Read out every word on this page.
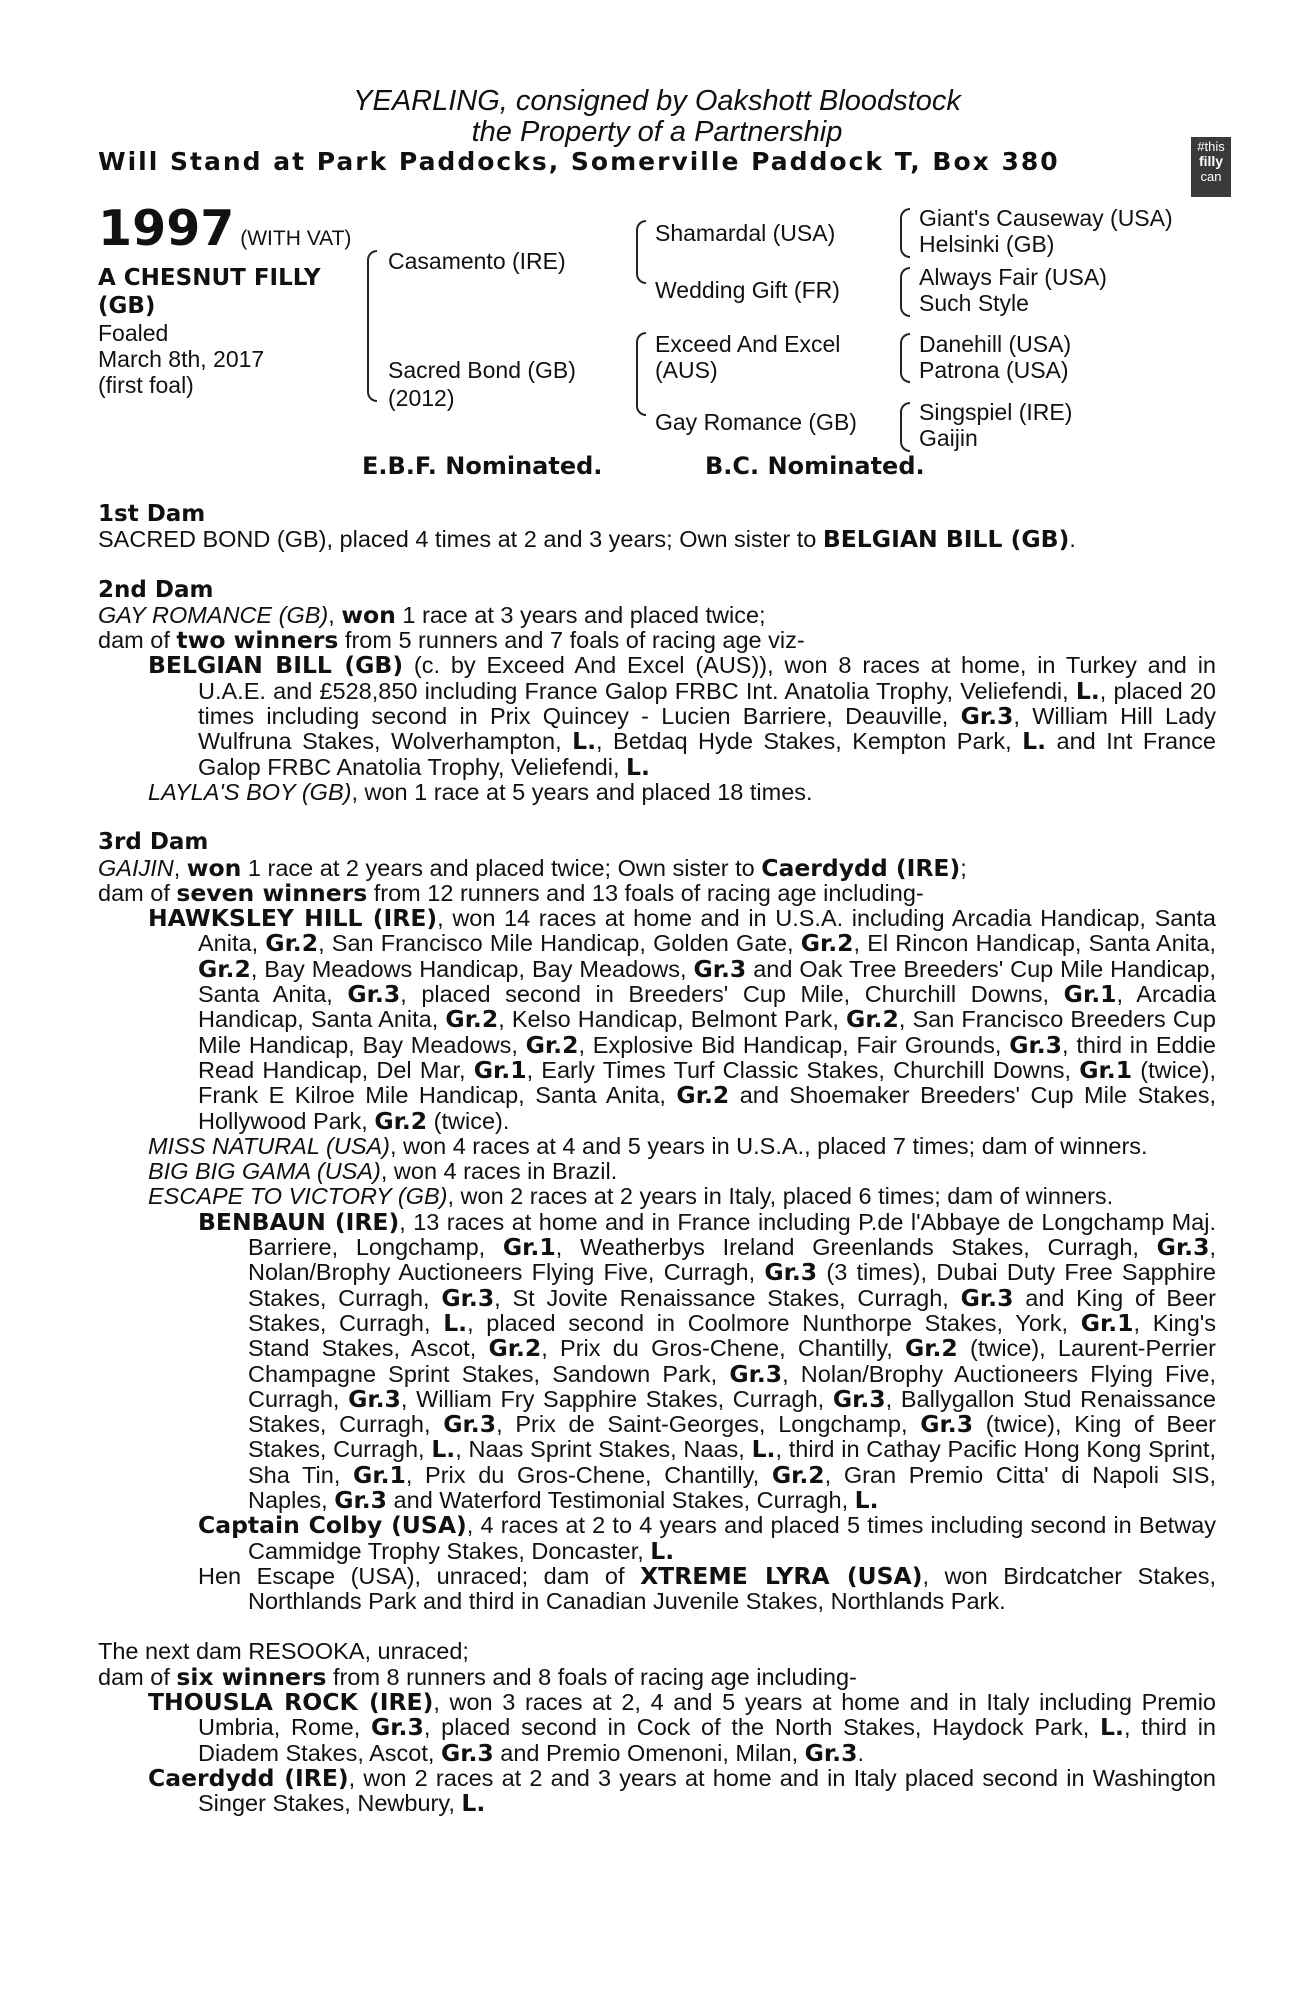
YEARLING, consigned by Oakshott Bloodstock
the Property of a Partnership
Will Stand at Park Paddocks, Somerville Paddock T, Box 380
#this
filly
can
1997 (WITH VAT)
A CHESNUT FILLY
(GB)
Foaled
March 8th, 2017
(first foal)
Casamento (IRE)
Sacred Bond (GB)
(2012)
Shamardal (USA)
Wedding Gift (FR)
Exceed And Excel
(AUS)
Gay Romance (GB)
Giant's Causeway (USA)
Helsinki (GB)
Always Fair (USA)
Such Style
Danehill (USA)
Patrona (USA)
Singspiel (IRE)
Gaijin
E.B.F. Nominated.	B.C. Nominated.

1st Dam

SACRED BOND (GB), placed 4 times at 2 and 3 years; Own sister to BELGIAN BILL (GB).

2nd Dam

GAY ROMANCE (GB), won 1 race at 3 years and placed twice;

dam of two winners from 5 runners and 7 foals of racing age viz-

BELGIAN BILL (GB) (c. by Exceed And Excel (AUS)), won 8 races at home, in Turkey and in U.A.E. and £528,850 including France Galop FRBC Int. Anatolia Trophy, Veliefendi, L., placed 20 times including second in Prix Quincey - Lucien Barriere, Deauville, Gr.3, William Hill Lady Wulfruna Stakes, Wolverhampton, L., Betdaq Hyde Stakes, Kempton Park, L. and Int France Galop FRBC Anatolia Trophy, Veliefendi, L.

LAYLA'S BOY (GB), won 1 race at 5 years and placed 18 times.

3rd Dam

GAIJIN, won 1 race at 2 years and placed twice; Own sister to Caerdydd (IRE);

dam of seven winners from 12 runners and 13 foals of racing age including-

HAWKSLEY HILL (IRE), won 14 races at home and in U.S.A. including Arcadia Handicap, Santa Anita, Gr.2, San Francisco Mile Handicap, Golden Gate, Gr.2, El Rincon Handicap, Santa Anita, Gr.2, Bay Meadows Handicap, Bay Meadows, Gr.3 and Oak Tree Breeders' Cup Mile Handicap, Santa Anita, Gr.3, placed second in Breeders' Cup Mile, Churchill Downs, Gr.1, Arcadia Handicap, Santa Anita, Gr.2, Kelso Handicap, Belmont Park, Gr.2, San Francisco Breeders Cup Mile Handicap, Bay Meadows, Gr.2, Explosive Bid Handicap, Fair Grounds, Gr.3, third in Eddie Read Handicap, Del Mar, Gr.1, Early Times Turf Classic Stakes, Churchill Downs, Gr.1 (twice), Frank E Kilroe Mile Handicap, Santa Anita, Gr.2 and Shoemaker Breeders' Cup Mile Stakes, Hollywood Park, Gr.2 (twice).

MISS NATURAL (USA), won 4 races at 4 and 5 years in U.S.A., placed 7 times; dam of winners.

BIG BIG GAMA (USA), won 4 races in Brazil.

ESCAPE TO VICTORY (GB), won 2 races at 2 years in Italy, placed 6 times; dam of winners.

BENBAUN (IRE), 13 races at home and in France including P.de l'Abbaye de Longchamp Maj. Barriere, Longchamp, Gr.1, Weatherbys Ireland Greenlands Stakes, Curragh, Gr.3, Nolan/Brophy Auctioneers Flying Five, Curragh, Gr.3 (3 times), Dubai Duty Free Sapphire Stakes, Curragh, Gr.3, St Jovite Renaissance Stakes, Curragh, Gr.3 and King of Beer Stakes, Curragh, L., placed second in Coolmore Nunthorpe Stakes, York, Gr.1, King's Stand Stakes, Ascot, Gr.2, Prix du Gros-Chene, Chantilly, Gr.2 (twice), Laurent-Perrier Champagne Sprint Stakes, Sandown Park, Gr.3, Nolan/Brophy Auctioneers Flying Five, Curragh, Gr.3, William Fry Sapphire Stakes, Curragh, Gr.3, Ballygallon Stud Renaissance Stakes, Curragh, Gr.3, Prix de Saint-Georges, Longchamp, Gr.3 (twice), King of Beer Stakes, Curragh, L., Naas Sprint Stakes, Naas, L., third in Cathay Pacific Hong Kong Sprint, Sha Tin, Gr.1, Prix du Gros-Chene, Chantilly, Gr.2, Gran Premio Citta' di Napoli SIS, Naples, Gr.3 and Waterford Testimonial Stakes, Curragh, L.

Captain Colby (USA), 4 races at 2 to 4 years and placed 5 times including second in Betway Cammidge Trophy Stakes, Doncaster, L.

Hen Escape (USA), unraced; dam of XTREME LYRA (USA), won Birdcatcher Stakes, Northlands Park and third in Canadian Juvenile Stakes, Northlands Park.

The next dam RESOOKA, unraced;

dam of six winners from 8 runners and 8 foals of racing age including-

THOUSLA ROCK (IRE), won 3 races at 2, 4 and 5 years at home and in Italy including Premio Umbria, Rome, Gr.3, placed second in Cock of the North Stakes, Haydock Park, L., third in Diadem Stakes, Ascot, Gr.3 and Premio Omenoni, Milan, Gr.3.

Caerdydd (IRE), won 2 races at 2 and 3 years at home and in Italy placed second in Washington Singer Stakes, Newbury, L.
